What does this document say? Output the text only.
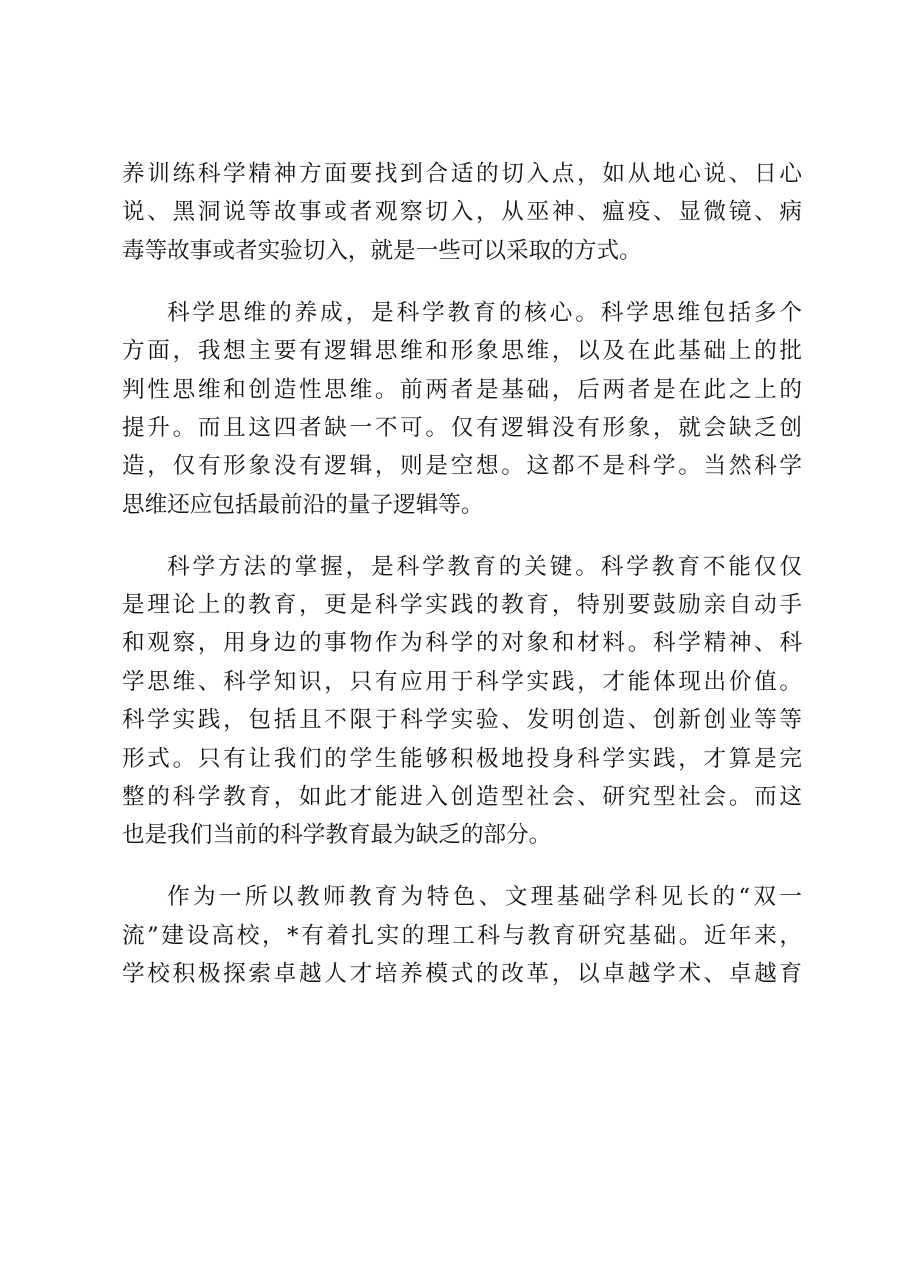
养训练科学精神方面要找到合适的切入点，如从地心说、日心
说、黑洞说等故事或者观察切入，从巫神、瘟疫、显微镜、病
毒等故事或者实验切入，就是一些可以采取的方式。
科学思维的养成，是科学教育的核心。科学思维包括多个
方面，我想主要有逻辑思维和形象思维，以及在此基础上的批
判性思维和创造性思维。前两者是基础，后两者是在此之上的
提升。而且这四者缺一不可。仅有逻辑没有形象，就会缺乏创
造，仅有形象没有逻辑，则是空想。这都不是科学。当然科学
思维还应包括最前沿的量子逻辑等。
科学方法的掌握，是科学教育的关键。科学教育不能仅仅
是理论上的教育，更是科学实践的教育，特别要鼓励亲自动手
和观察，用身边的事物作为科学的对象和材料。科学精神、科
学思维、科学知识，只有应用于科学实践，才能体现出价值。
科学实践，包括且不限于科学实验、发明创造、创新创业等等
形式。只有让我们的学生能够积极地投身科学实践，才算是完
整的科学教育，如此才能进入创造型社会、研究型社会。而这
也是我们当前的科学教育最为缺乏的部分。
作为一所以教师教育为特色、文理基础学科见长的“双一
流”建设高校，*有着扎实的理工科与教育研究基础。近年来，
学校积极探索卓越人才培养模式的改革，以卓越学术、卓越育
